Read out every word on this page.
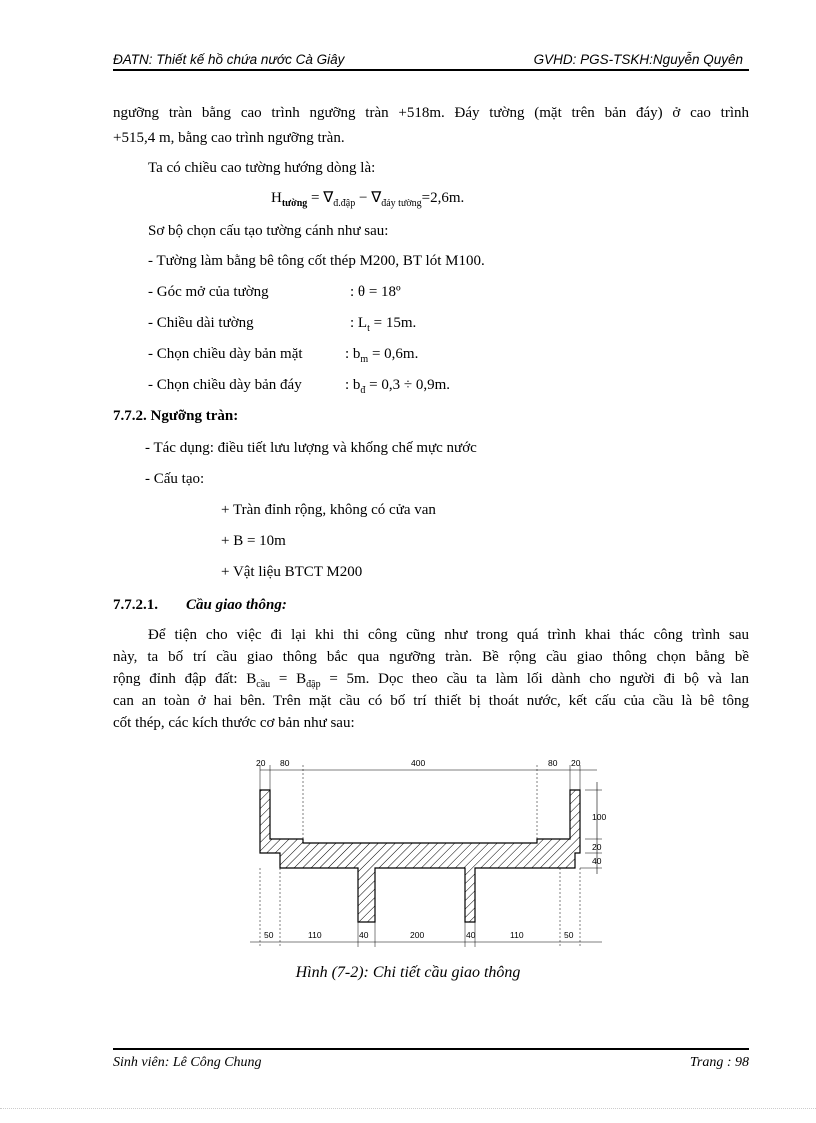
ĐATN: Thiết kế hồ chứa nước Cà Giây	GVHD: PGS-TSKH:Nguyễn Quyên
ngưỡng tràn bằng cao trình ngưỡng tràn +518m. Đáy tường (mặt trên bản đáy) ở cao trình
+515,4 m, bằng cao trình ngưỡng tràn.
Ta có chiều cao tường hướng dòng là:
$H_{tường} = \nabla_{đ.đập} - \nabla_{đáy tường}=2,6m$.
Sơ bộ chọn cấu tạo tường cánh như sau:
- Tường làm bằng bê tông cốt thép M200, BT lót M100.
- Góc mở của tường	: θ = 18º
- Chiều dài tường	: $L_t = 15m$.
- Chọn chiều dày bản mặt	: $b_m = 0,6m$.
- Chọn chiều dày bản đáy	: $b_đ = 0,3 \div 0,9m$.
7.7.2. Ngưỡng tràn:
- Tác dụng: điều tiết lưu lượng và khống chế mực nước
- Cấu tạo:
+ Tràn đỉnh rộng, không có cửa van
+ B = 10m
+ Vật liệu BTCT M200
7.7.2.1. Cầu giao thông:
Để tiện cho việc đi lại khi thi công cũng như trong quá trình khai thác công trình sau
này, ta bố trí cầu giao thông bắc qua ngưỡng tràn. Bề rộng cầu giao thông chọn bằng bề
rộng đỉnh đập đất: $B_{cầu} = B_{đập} = 5m$. Dọc theo cầu ta làm lối dành cho người đi bộ và lan
can an toàn ở hai bên. Trên mặt cầu có bố trí thiết bị thoát nước, kết cấu của cầu là bê tông
cốt thép, các kích thước cơ bản như sau:
20 80	400	80 20
100
20
40
50	110	40	200	40	110	50
Hình (7-2): Chi tiết cầu giao thông
Sinh viên: Lê Công Chung	Trang : 98
